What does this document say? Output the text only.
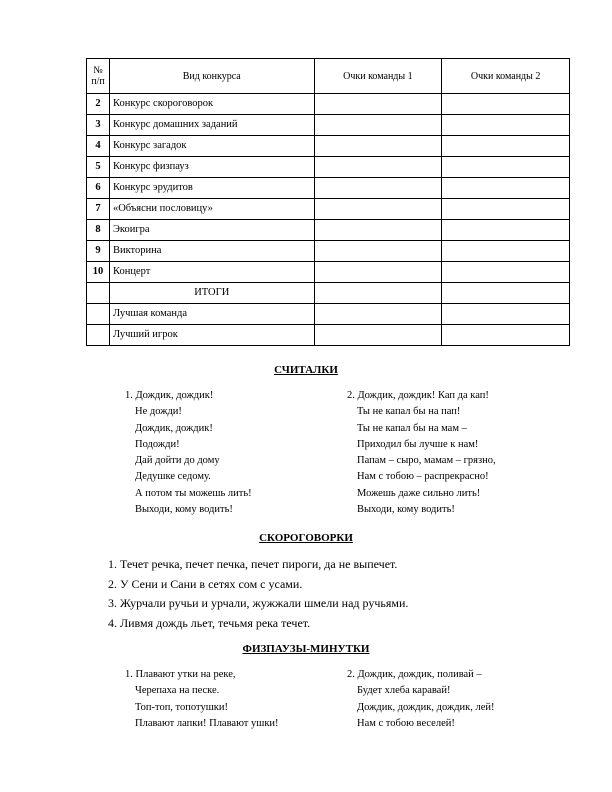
№ п/п	Вид конкурса	Очки команды 1	Очки команды 2
2	Конкурс скороговорок		
3	Конкурс домашних заданий		
4	Конкурс загадок		
5	Конкурс физпауз		
6	Конкурс эрудитов		
7	«Объясни пословицу»		
8	Экоигра		
9	Викторина		
10	Концерт		
	ИТОГИ		
	Лучшая команда		
	Лучший игрок		
СЧИТАЛКИ
1. Дождик, дождик!
Не дожди!
Дождик, дождик!
Подожди!
Дай дойти до дому
Дедушке седому.
А потом ты можешь лить!
Выходи, кому водить!
2. Дождик, дождик! Кап да кап!
Ты не капал бы на пап!
Ты не капал бы на мам –
Приходил бы лучше к нам!
Папам – сыро, мамам – грязно,
Нам с тобою – распрекрасно!
Можешь даже сильно лить!
Выходи, кому водить!
СКОРОГОВОРКИ
1. Течет речка, печет печка, печет пироги, да не выпечет.
2. У Сени и Сани в сетях сом с усами.
3. Журчали ручьи и урчали, жужжали шмели над ручьями.
4. Ливмя дождь льет, течьмя река течет.
ФИЗПАУЗЫ-МИНУТКИ
1. Плавают утки на реке,
Черепаха на песке.
Топ-топ, топотушки!
Плавают лапки! Плавают ушки!
2. Дождик, дождик, поливай –
Будет хлеба каравай!
Дождик, дождик, дождик, лей!
Нам с тобою веселей!
